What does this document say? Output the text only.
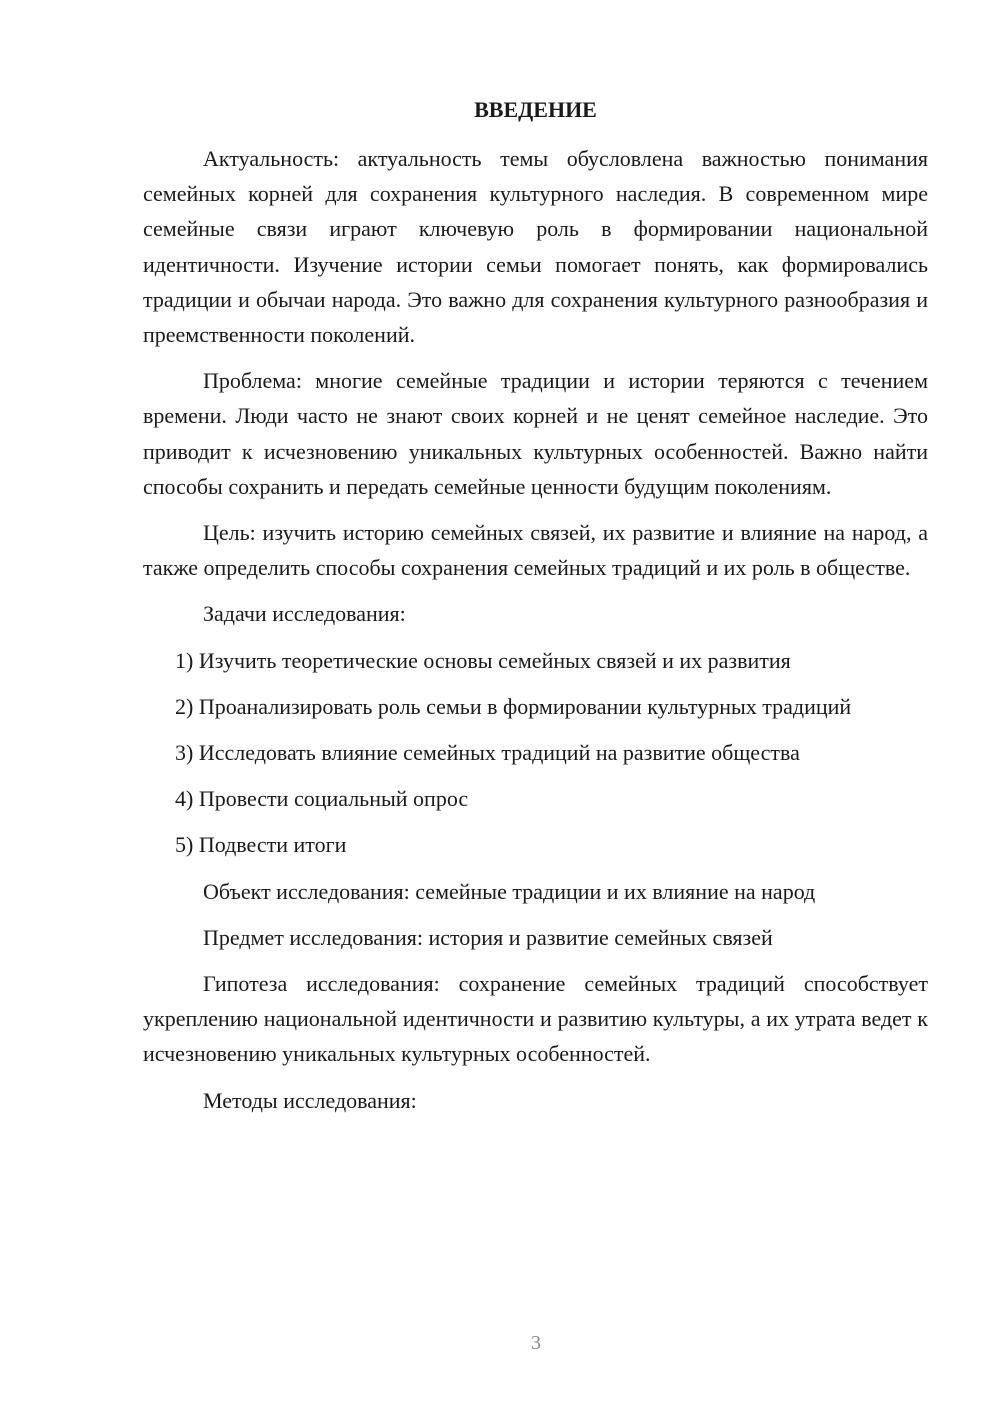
ВВЕДЕНИЕ

Актуальность: актуальность темы обусловлена важностью понимания семейных корней для сохранения культурного наследия. В современном мире семейные связи играют ключевую роль в формировании национальной идентичности. Изучение истории семьи помогает понять, как формировались традиции и обычаи народа. Это важно для сохранения культурного разнообразия и преемственности поколений.

Проблема: многие семейные традиции и истории теряются с течением времени. Люди часто не знают своих корней и не ценят семейное наследие. Это приводит к исчезновению уникальных культурных особенностей. Важно найти способы сохранить и передать семейные ценности будущим поколениям.

Цель: изучить историю семейных связей, их развитие и влияние на народ, а также определить способы сохранения семейных традиций и их роль в обществе.

Задачи исследования:

1) Изучить теоретические основы семейных связей и их развития

2) Проанализировать роль семьи в формировании культурных традиций

3) Исследовать влияние семейных традиций на развитие общества

4) Провести социальный опрос

5) Подвести итоги

Объект исследования: семейные традиции и их влияние на народ

Предмет исследования: история и развитие семейных связей

Гипотеза исследования: сохранение семейных традиций способствует укреплению национальной идентичности и развитию культуры, а их утрата ведет к исчезновению уникальных культурных особенностей.

Методы исследования:

3
